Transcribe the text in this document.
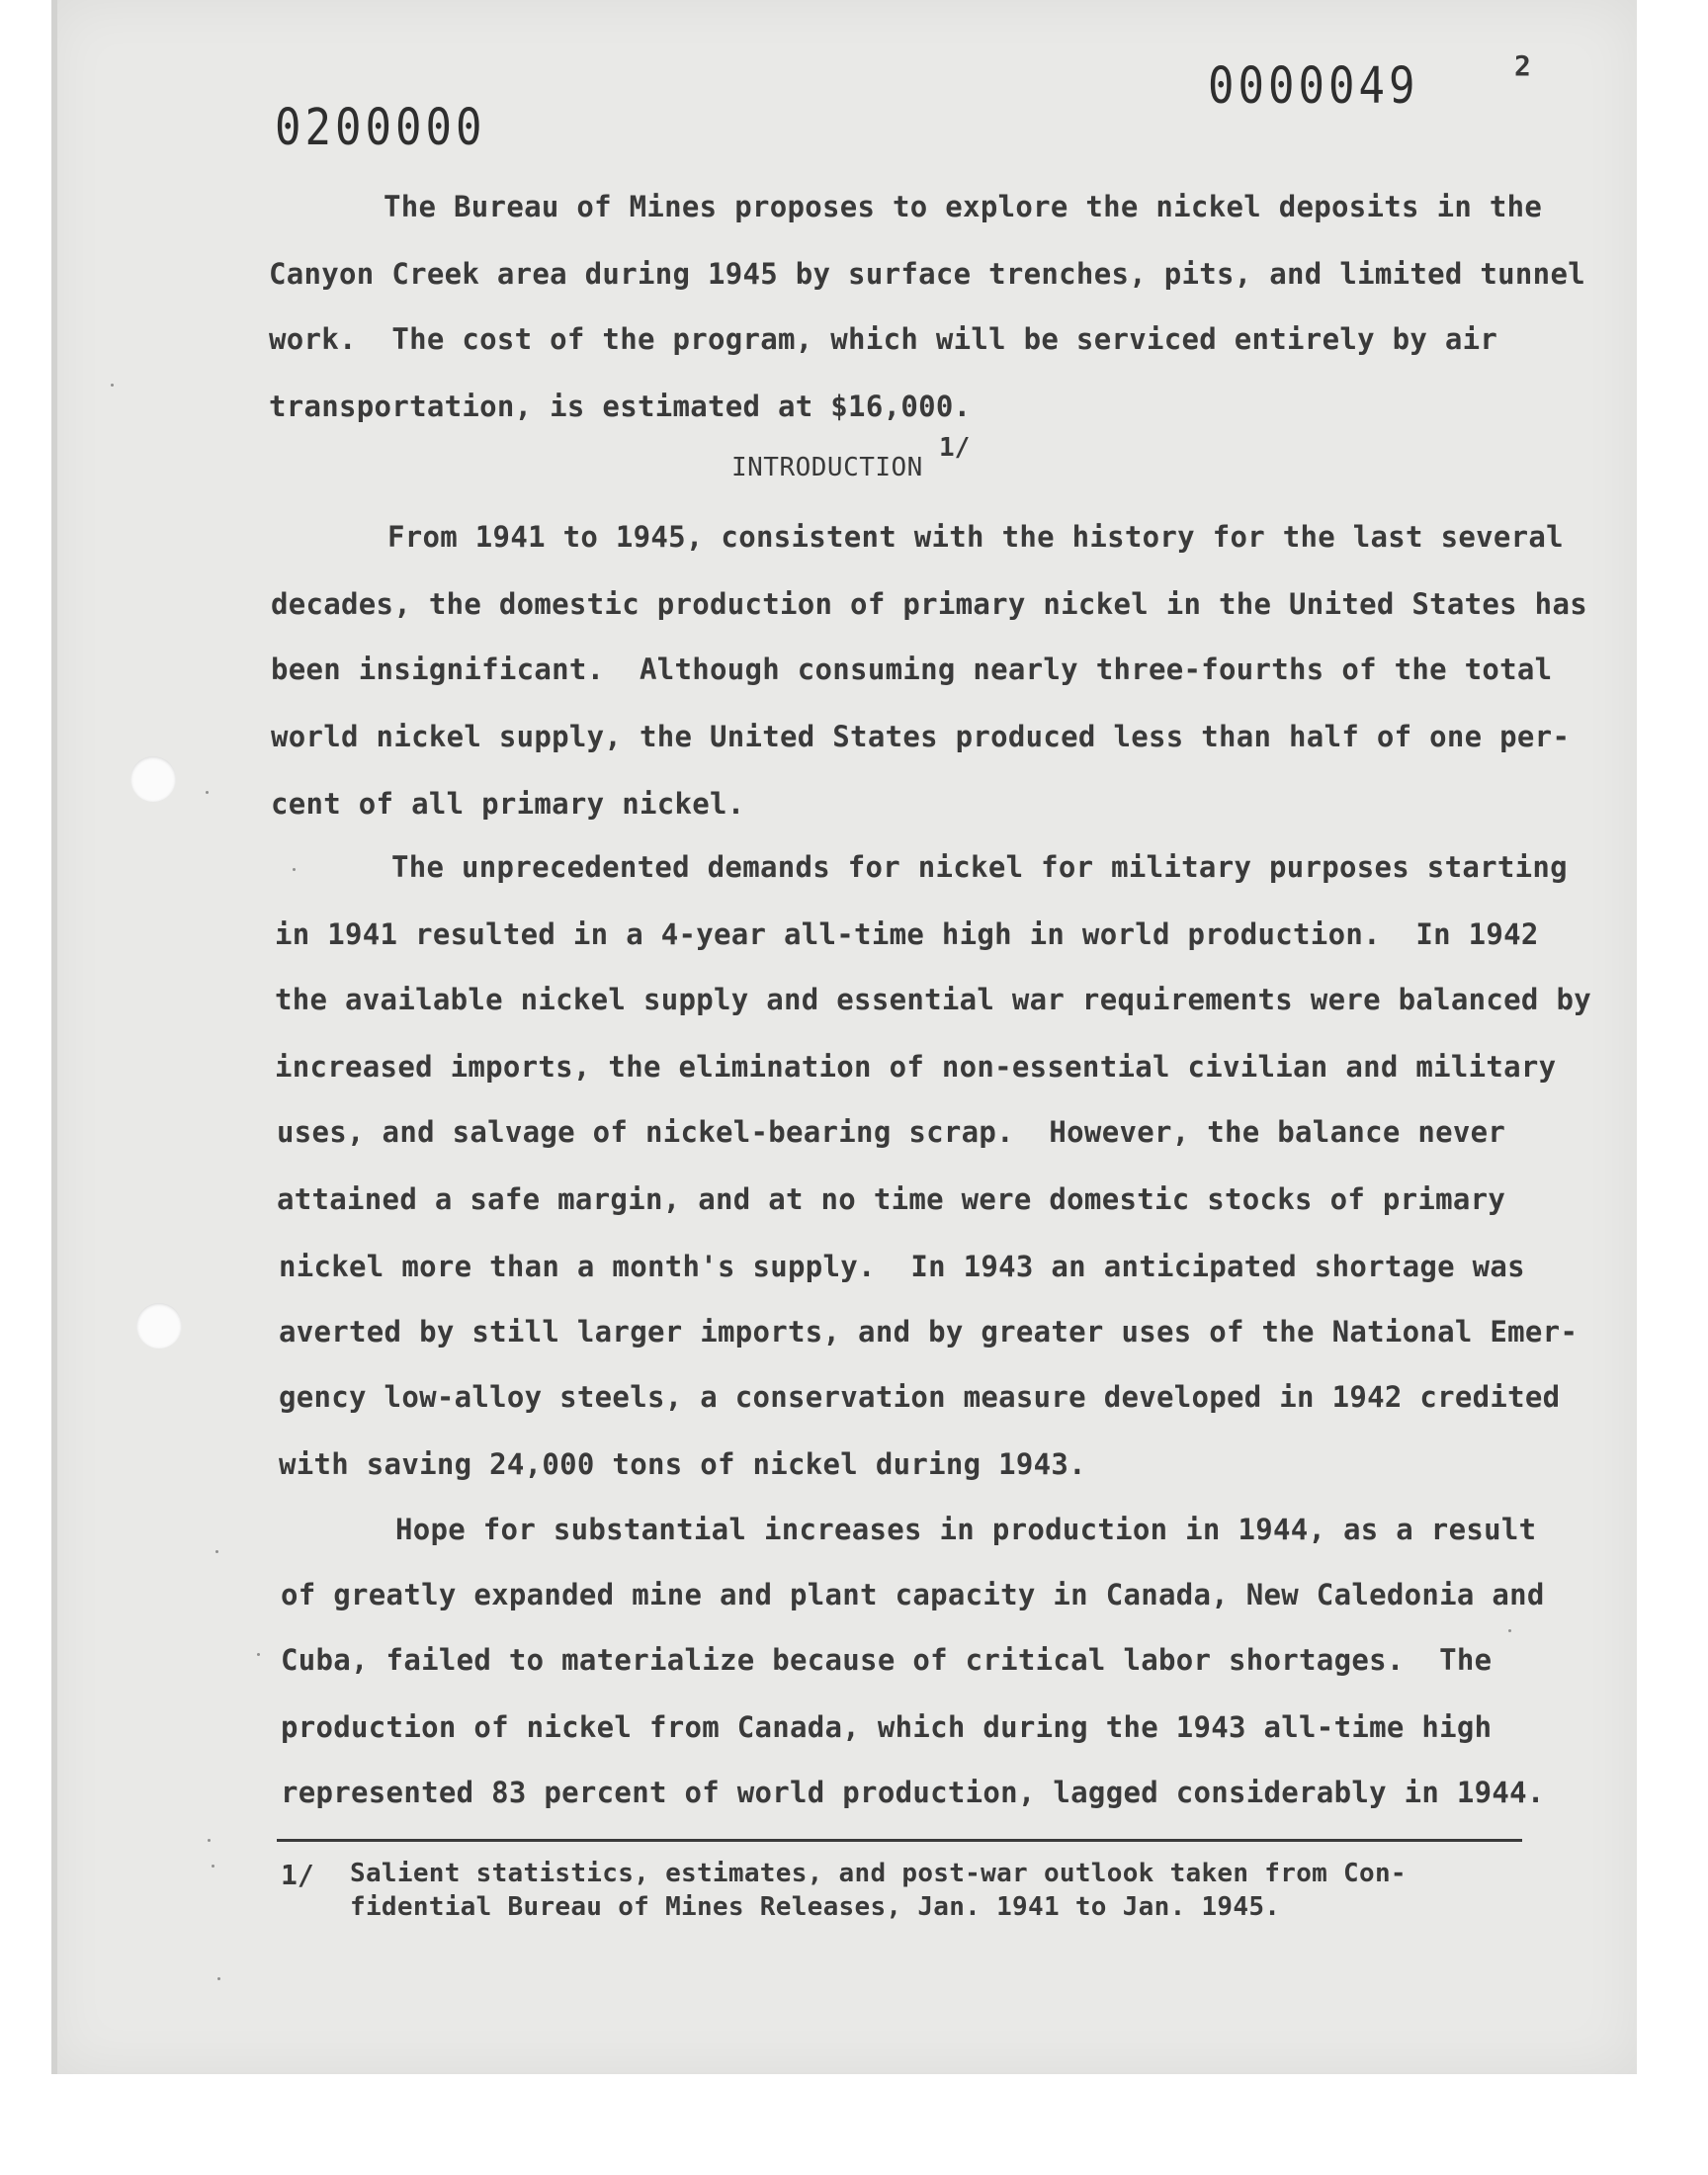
0200000
0000049	2
The Bureau of Mines proposes to explore the nickel deposits in the
Canyon Creek area during 1945 by surface trenches, pits, and limited tunnel
work.  The cost of the program, which will be serviced entirely by air
transportation, is estimated at $16,000.
INTRODUCTION
1/
From 1941 to 1945, consistent with the history for the last several
decades, the domestic production of primary nickel in the United States has
been insignificant.  Although consuming nearly three-fourths of the total
world nickel supply, the United States produced less than half of one per-
cent of all primary nickel.
The unprecedented demands for nickel for military purposes starting
in 1941 resulted in a 4-year all-time high in world production.  In 1942
the available nickel supply and essential war requirements were balanced by
increased imports, the elimination of non-essential civilian and military
uses, and salvage of nickel-bearing scrap.  However, the balance never
attained a safe margin, and at no time were domestic stocks of primary
nickel more than a month's supply.  In 1943 an anticipated shortage was
averted by still larger imports, and by greater uses of the National Emer-
gency low-alloy steels, a conservation measure developed in 1942 credited
with saving 24,000 tons of nickel during 1943.
Hope for substantial increases in production in 1944, as a result
of greatly expanded mine and plant capacity in Canada, New Caledonia and
Cuba, failed to materialize because of critical labor shortages.  The
production of nickel from Canada, which during the 1943 all-time high
represented 83 percent of world production, lagged considerably in 1944.
1/ Salient statistics, estimates, and post-war outlook taken from Con-
fidential Bureau of Mines Releases, Jan. 1941 to Jan. 1945.
